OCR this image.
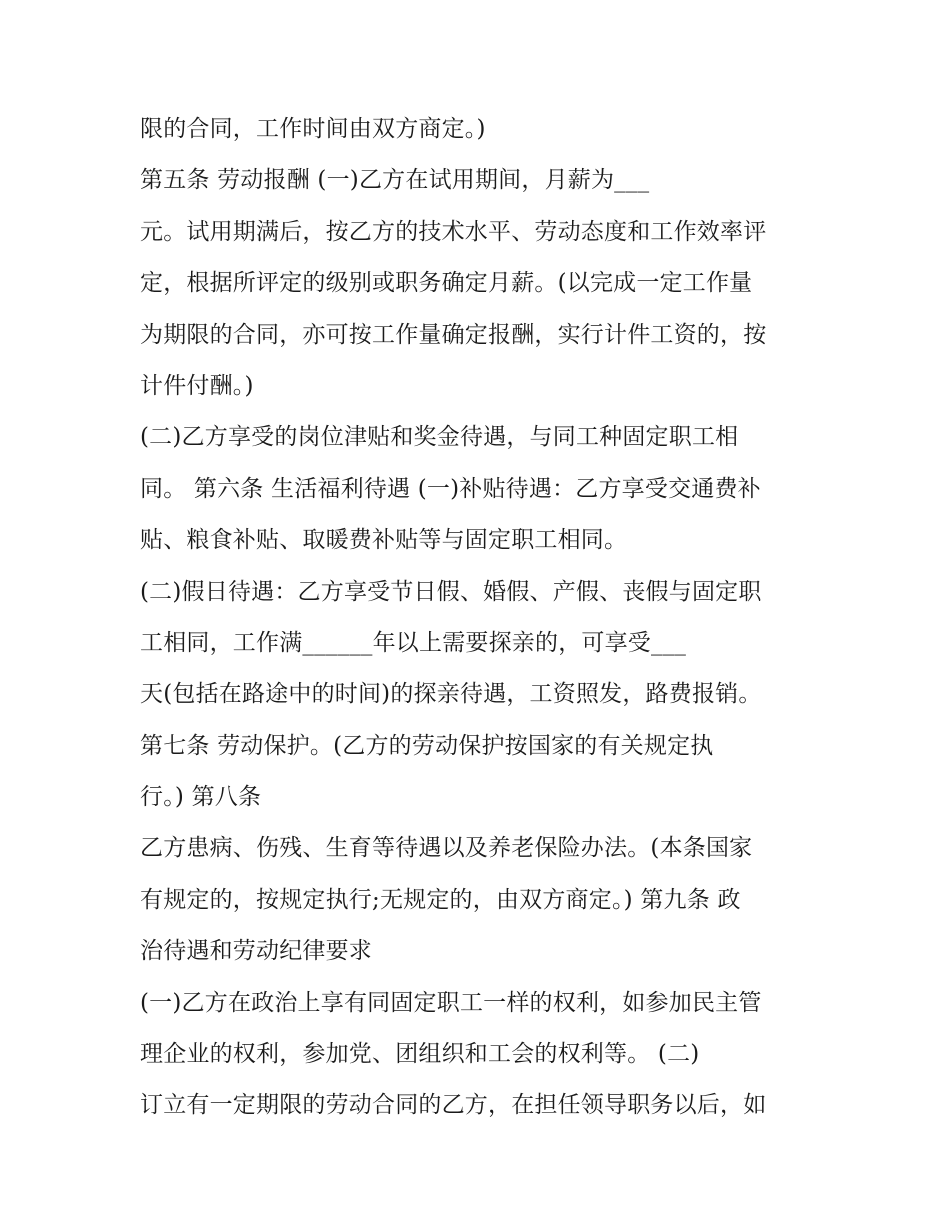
限的合同，工作时间由双方商定。)
第五条 劳动报酬 (一)乙方在试用期间，月薪为___
元。试用期满后，按乙方的技术水平、劳动态度和工作效率评
定，根据所评定的级别或职务确定月薪。(以完成一定工作量
为期限的合同，亦可按工作量确定报酬，实行计件工资的，按
计件付酬。)
(二)乙方享受的岗位津贴和奖金待遇，与同工种固定职工相
同。 第六条 生活福利待遇 (一)补贴待遇：乙方享受交通费补
贴、粮食补贴、取暖费补贴等与固定职工相同。
(二)假日待遇：乙方享受节日假、婚假、产假、丧假与固定职
工相同，工作满______年以上需要探亲的，可享受___
天(包括在路途中的时间)的探亲待遇，工资照发，路费报销。
第七条 劳动保护。(乙方的劳动保护按国家的有关规定执
行。) 第八条
乙方患病、伤残、生育等待遇以及养老保险办法。(本条国家
有规定的，按规定执行;无规定的，由双方商定。) 第九条 政
治待遇和劳动纪律要求
(一)乙方在政治上享有同固定职工一样的权利，如参加民主管
理企业的权利，参加党、团组织和工会的权利等。 (二)
订立有一定期限的劳动合同的乙方，在担任领导职务以后，如
